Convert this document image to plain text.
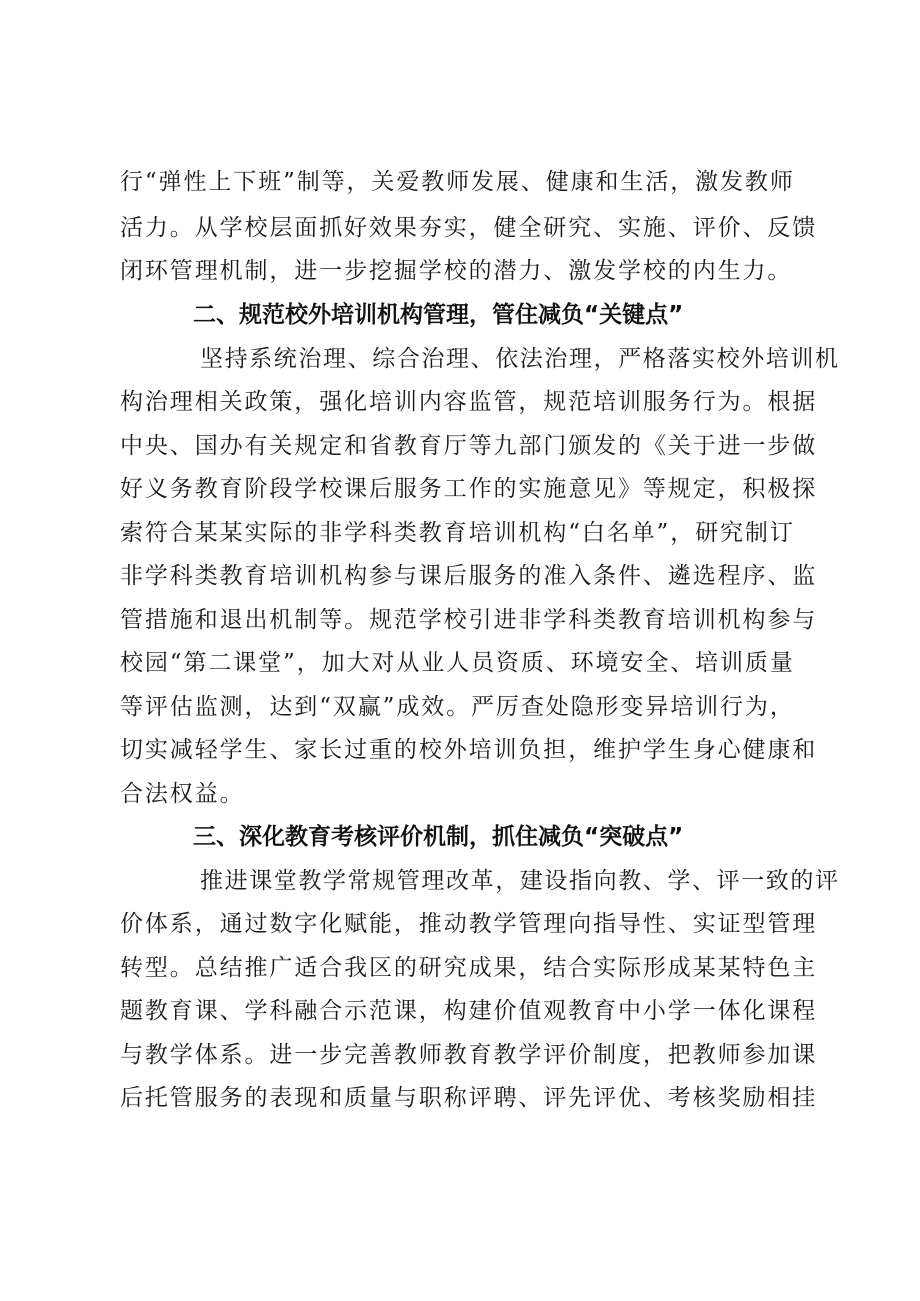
行“弹性上下班”制等，关爱教师发展、健康和生活，激发教师
活力。从学校层面抓好效果夯实，健全研究、实施、评价、反馈
闭环管理机制，进一步挖掘学校的潜力、激发学校的内生力。
二、规范校外培训机构管理，管住减负“关键点”
坚持系统治理、综合治理、依法治理，严格落实校外培训机
构治理相关政策，强化培训内容监管，规范培训服务行为。根据
中央、国办有关规定和省教育厅等九部门颁发的《关于进一步做
好义务教育阶段学校课后服务工作的实施意见》等规定，积极探
索符合某某实际的非学科类教育培训机构“白名单”，研究制订
非学科类教育培训机构参与课后服务的准入条件、遴选程序、监
管措施和退出机制等。规范学校引进非学科类教育培训机构参与
校园“第二课堂”，加大对从业人员资质、环境安全、培训质量
等评估监测，达到“双赢”成效。严厉查处隐形变异培训行为，
切实减轻学生、家长过重的校外培训负担，维护学生身心健康和
合法权益。
三、深化教育考核评价机制，抓住减负“突破点”
推进课堂教学常规管理改革，建设指向教、学、评一致的评
价体系，通过数字化赋能，推动教学管理向指导性、实证型管理
转型。总结推广适合我区的研究成果，结合实际形成某某特色主
题教育课、学科融合示范课，构建价值观教育中小学一体化课程
与教学体系。进一步完善教师教育教学评价制度，把教师参加课
后托管服务的表现和质量与职称评聘、评先评优、考核奖励相挂
